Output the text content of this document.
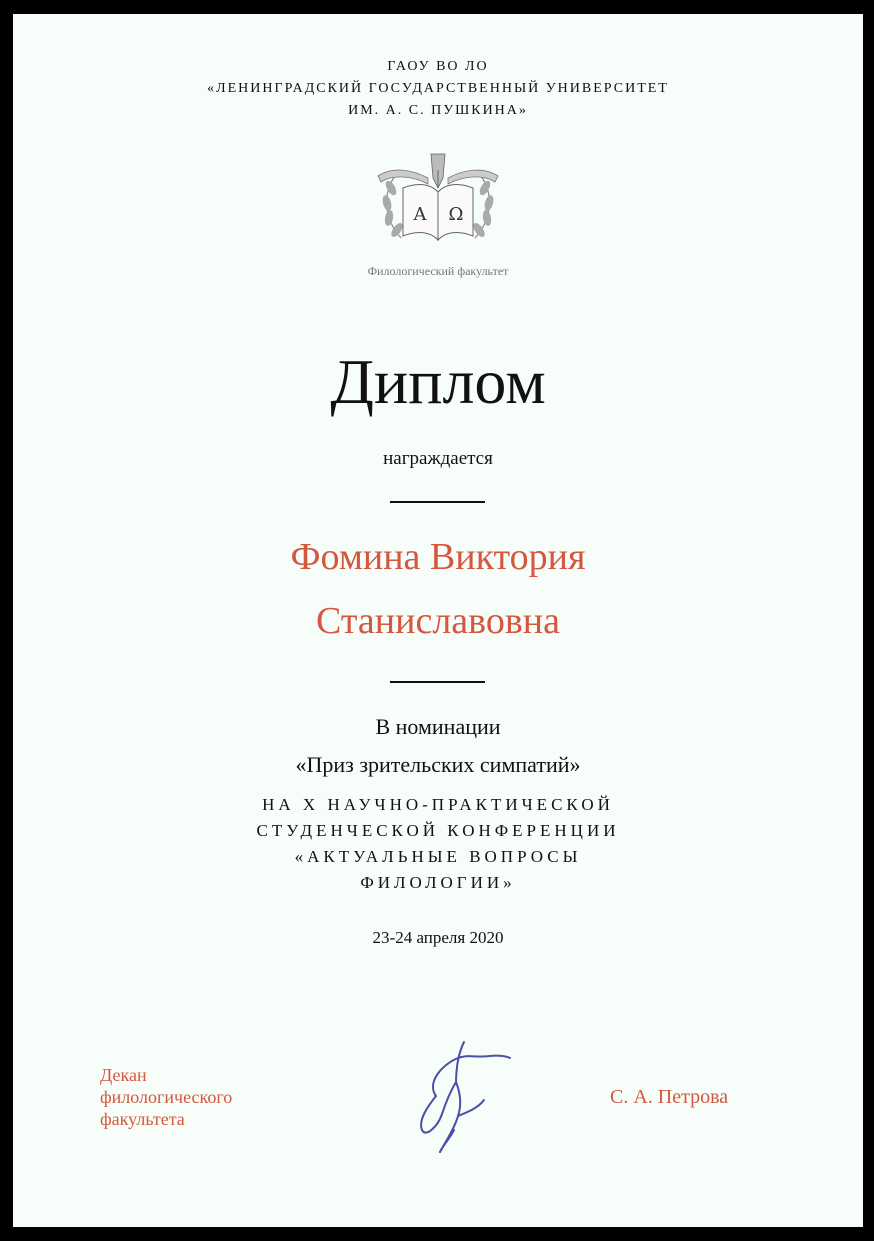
ГАОУ ВО ЛО
«ЛЕНИНГРАДСКИЙ ГОСУДАРСТВЕННЫЙ УНИВЕРСИТЕТ
ИМ. А. С. ПУШКИНА»
Α Ω
Филологический факультет
Диплом
награждается
Фомина Виктория
Станиславовна
В номинации
«Приз зрительских симпатий»
НА X НАУЧНО-ПРАКТИЧЕСКОЙ
СТУДЕНЧЕСКОЙ КОНФЕРЕНЦИИ
«АКТУАЛЬНЫЕ ВОПРОСЫ
ФИЛОЛОГИИ»
23-24 апреля 2020
Декан
филологического
факультета
С. А. Петрова
